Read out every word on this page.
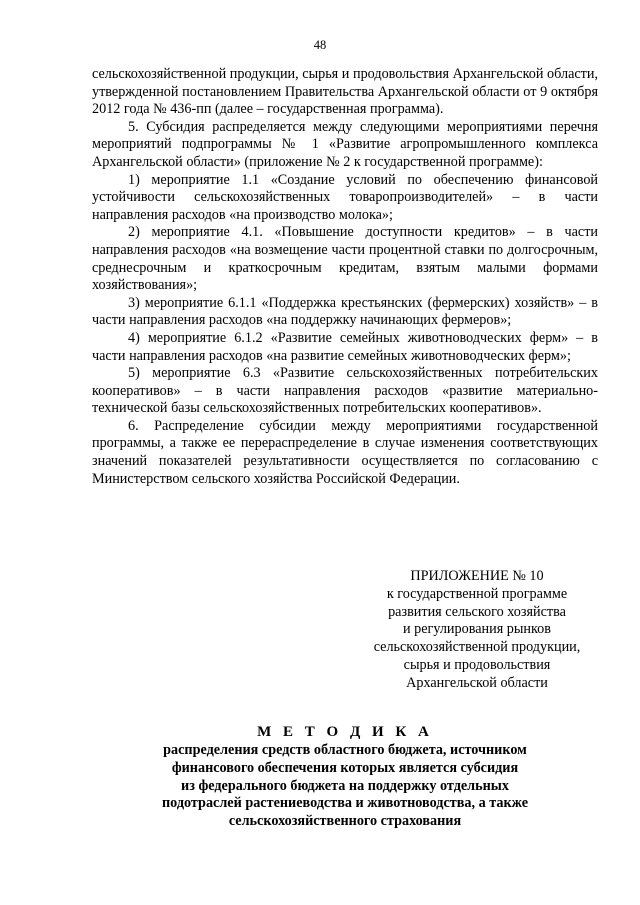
48

сельскохозяйственной продукции, сырья и продовольствия Архангельской области, утвержденной постановлением Правительства Архангельской области от 9 октября 2012 года № 436-пп (далее – государственная программа).

5. Субсидия распределяется между следующими мероприятиями перечня мероприятий подпрограммы № 1 «Развитие агропромышленного комплекса Архангельской области» (приложение № 2 к государственной программе):

1) мероприятие 1.1 «Создание условий по обеспечению финансовой устойчивости сельскохозяйственных товаропроизводителей» – в части направления расходов «на производство молока»;

2) мероприятие 4.1. «Повышение доступности кредитов» – в части направления расходов «на возмещение части процентной ставки по долгосрочным, среднесрочным и краткосрочным кредитам, взятым малыми формами хозяйствования»;

3) мероприятие 6.1.1 «Поддержка крестьянских (фермерских) хозяйств» – в части направления расходов «на поддержку начинающих фермеров»;

4) мероприятие 6.1.2 «Развитие семейных животноводческих ферм» – в части направления расходов «на развитие семейных животноводческих ферм»;

5) мероприятие 6.3 «Развитие сельскохозяйственных потребительских кооперативов» – в части направления расходов «развитие материально-технической базы сельскохозяйственных потребительских кооперативов».

6. Распределение субсидии между мероприятиями государственной программы, а также ее перераспределение в случае изменения соответствующих значений показателей результативности осуществляется по согласованию с Министерством сельского хозяйства Российской Федерации.

ПРИЛОЖЕНИЕ № 10
к государственной программе
развития сельского хозяйства
и регулирования рынков
сельскохозяйственной продукции,
сырья и продовольствия
Архангельской области
М Е Т О Д И К А
распределения средств областного бюджета, источником
финансового обеспечения которых является субсидия
из федерального бюджета на поддержку отдельных
подотраслей растениеводства и животноводства, а также
сельскохозяйственного страхования
